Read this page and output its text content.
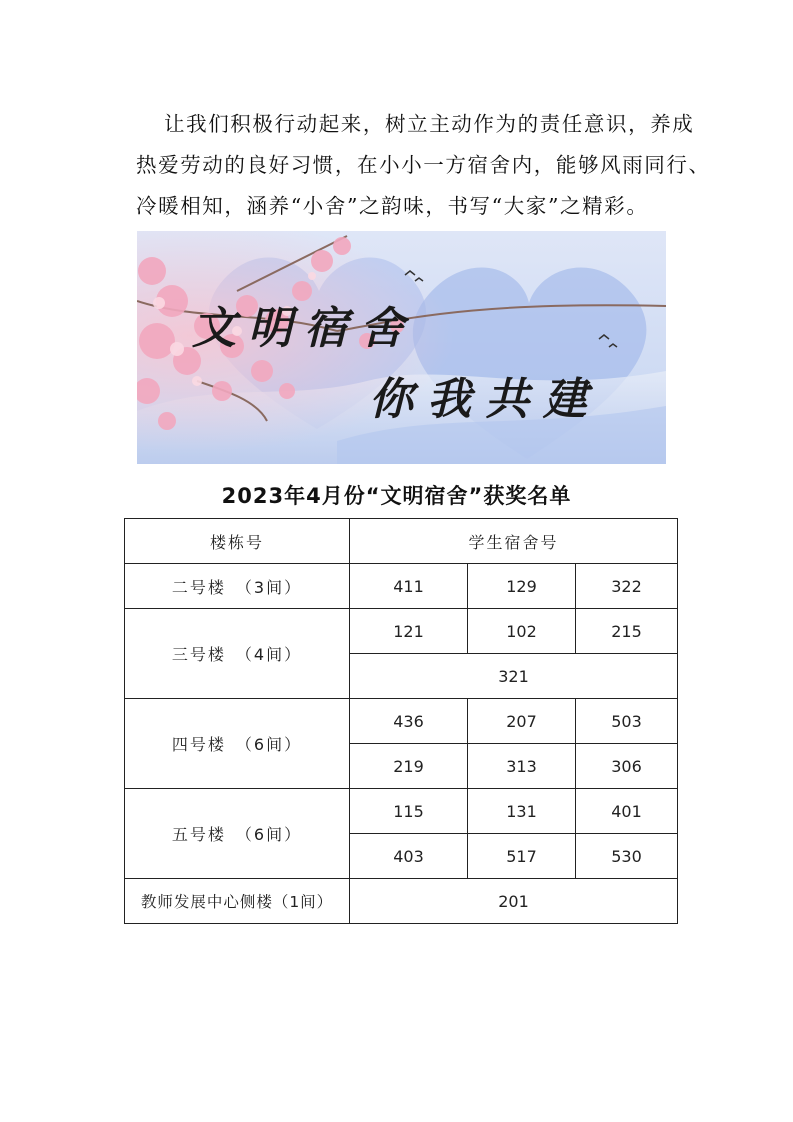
让我们积极行动起来，树立主动作为的责任意识，养成
热爱劳动的良好习惯，在小小一方宿舍内，能够风雨同行、
冷暖相知，涵养“小舍”之韵味，书写“大家”之精彩。

文明宿舍
你我共建
2023年4月份“文明宿舍”获奖名单
楼栋号	学生宿舍号		
二号楼　（3间）	411	129	322
三号楼　（4间）	121	102	215
	321		
四号楼　（6间）	436	207	503
	219	313	306
五号楼　（6间）	115	131	401
	403	517	530
教师发展中心侧楼（1间）	201		
